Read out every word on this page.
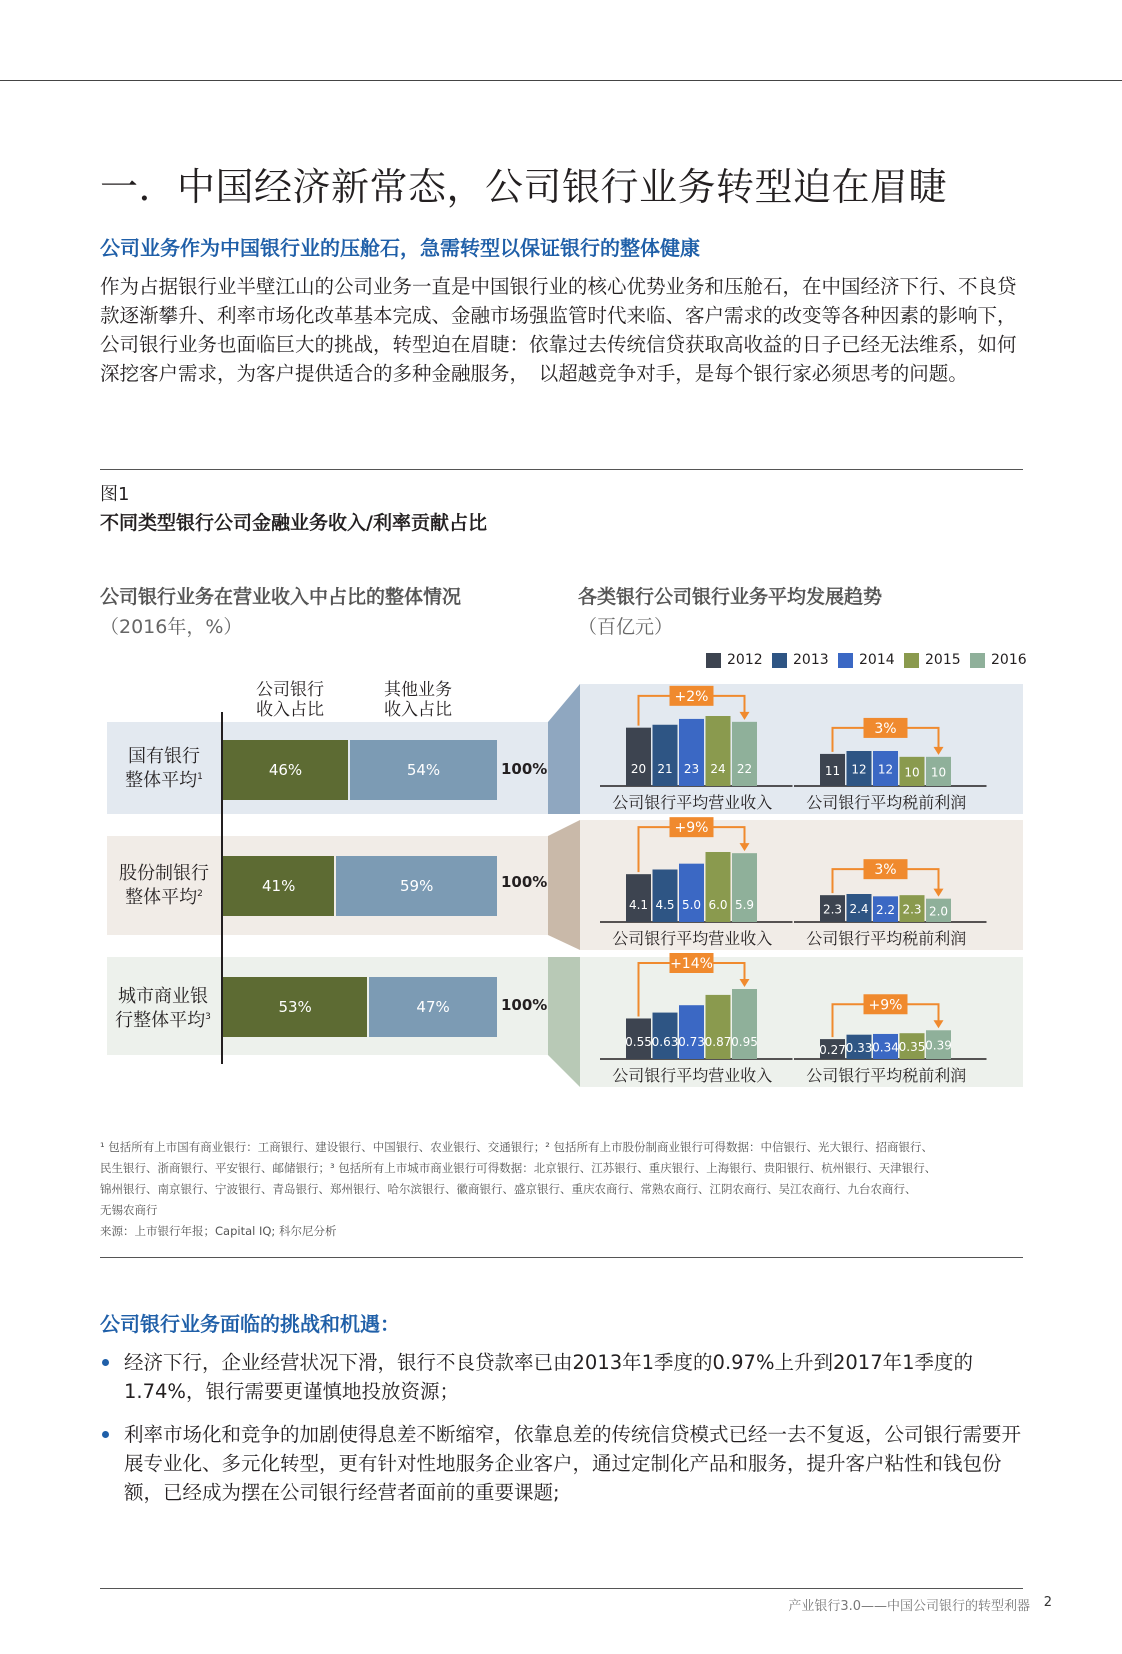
一．中国经济新常态，公司银行业务转型迫在眉睫
公司业务作为中国银行业的压舱石，急需转型以保证银行的整体健康
作为占据银行业半壁江山的公司业务一直是中国银行业的核心优势业务和压舱石，在中国经济下行、不良贷款逐渐攀升、利率市场化改革基本完成、金融市场强监管时代来临、客户需求的改变等各种因素的影响下，公司银行业务也面临巨大的挑战，转型迫在眉睫：依靠过去传统信贷获取高收益的日子已经无法维系，如何深挖客户需求，为客户提供适合的多种金融服务，　以超越竞争对手，是每个银行家必须思考的问题。
图1
不同类型银行公司金融业务收入/利率贡献占比
公司银行业务在营业收入中占比的整体情况
（2016年，%）
各类银行公司银行业务平均发展趋势
（百亿元）
2012 2013 2014 2015 2016
公司银行
收入占比
其他业务
收入占比
国有银行
整体平均$^1$
股份制银行
整体平均$^2$
城市商业银
行整体平均$^3$
46%	54%	100%
41%	59%	100%
53%	47%	100%
20 21 23 24 22
+2%
公司银行平均营业收入
11 12 12 10 10
3%
公司银行平均税前利润
4.1 4.5 5.0 6.0 5.9
+9%
公司银行平均营业收入
2.3 2.4 2.2 2.3 2.0
3%
公司银行平均税前利润
0.55 0.63 0.73 0.87 0.95
+14%
公司银行平均营业收入
0.27 0.33 0.34 0.35 0.39
+9%
公司银行平均税前利润
¹ 包括所有上市国有商业银行：工商银行、建设银行、中国银行、农业银行、交通银行；² 包括所有上市股份制商业银行可得数据：中信银行、光大银行、招商银行、
民生银行、浙商银行、平安银行、邮储银行；³ 包括所有上市城市商业银行可得数据：北京银行、江苏银行、重庆银行、上海银行、贵阳银行、杭州银行、天津银行、
锦州银行、南京银行、宁波银行、青岛银行、郑州银行、哈尔滨银行、徽商银行、盛京银行、重庆农商行、常熟农商行、江阴农商行、吴江农商行、九台农商行、
无锡农商行
来源：上市银行年报；Capital IQ; 科尔尼分析
公司银行业务面临的挑战和机遇：
经济下行，企业经营状况下滑，银行不良贷款率已由2013年1季度的0.97%上升到2017年1季度的1.74%，银行需要更谨慎地投放资源；
利率市场化和竞争的加剧使得息差不断缩窄，依靠息差的传统信贷模式已经一去不复返，公司银行需要开展专业化、多元化转型，更有针对性地服务企业客户，通过定制化产品和服务，提升客户粘性和钱包份额，已经成为摆在公司银行经营者面前的重要课题;
产业银行3.0——中国公司银行的转型利器 2
